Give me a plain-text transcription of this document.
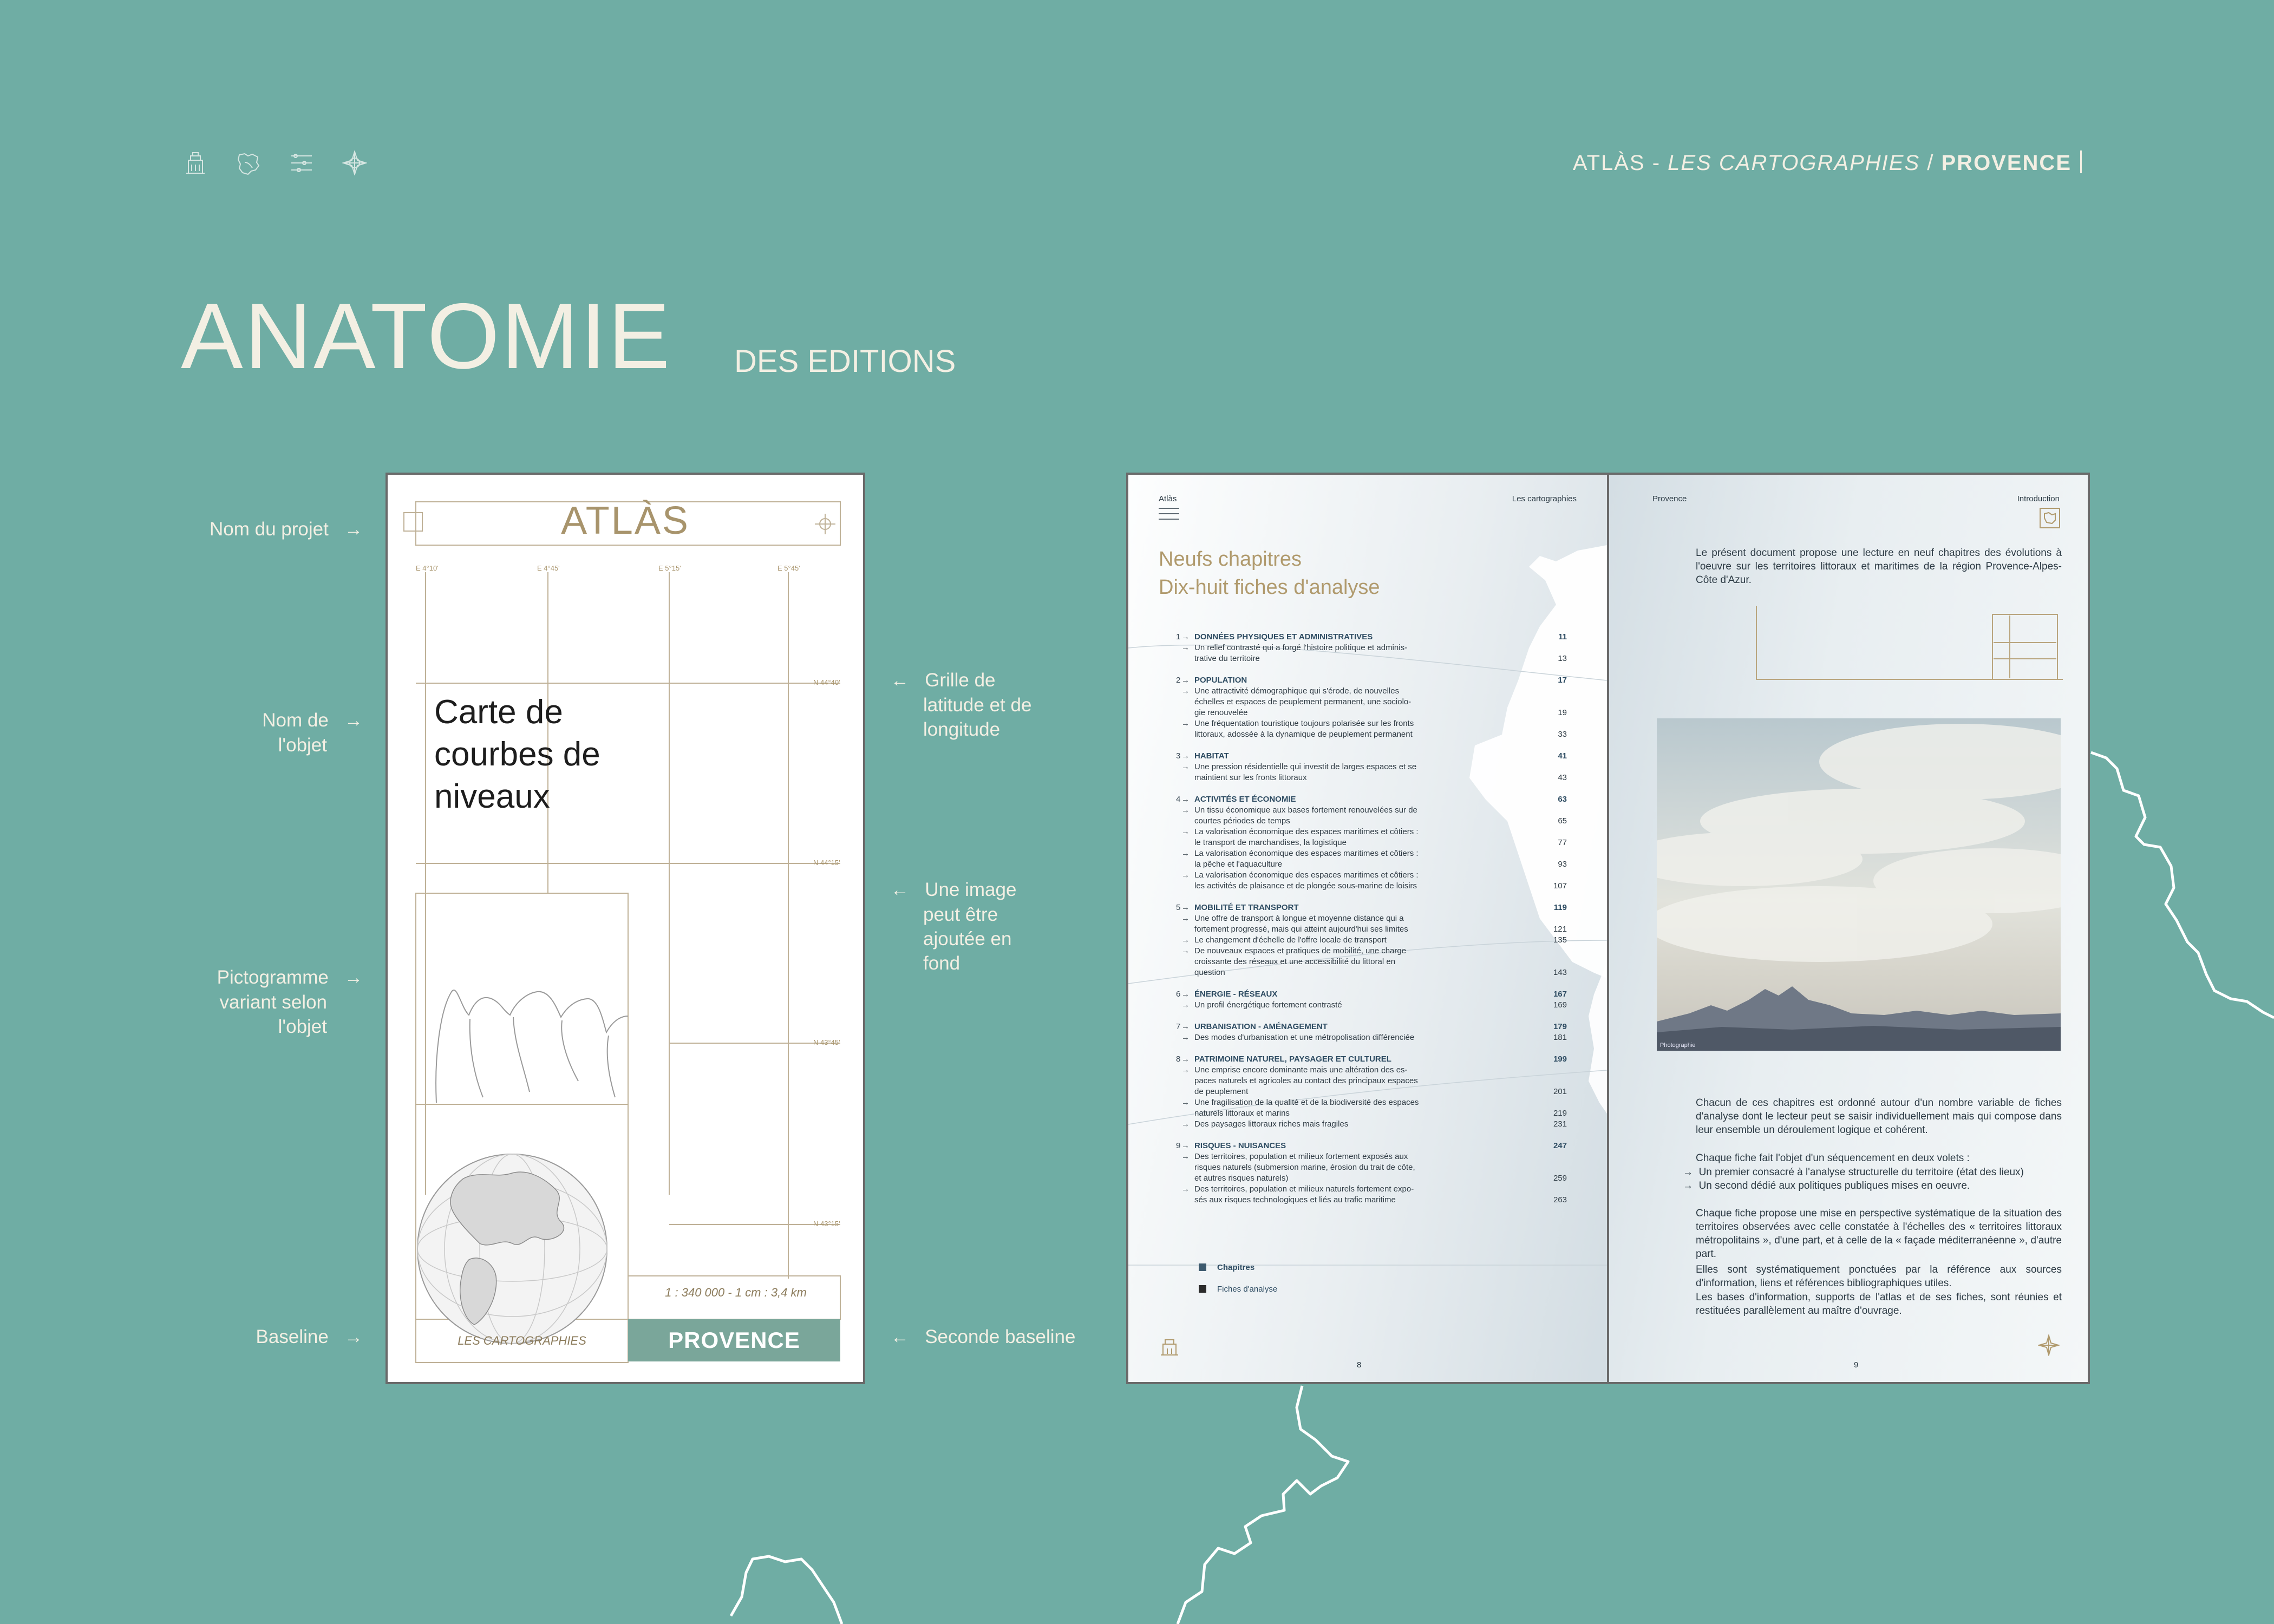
ATLÀS - LES CARTOGRAPHIES / PROVENCE
ANATOMIE DES EDITIONS
Nom du projet →
Nom de →
l'objet
Pictogramme →
variant selon
l'objet
Baseline →
← Grille de
latitude et de
longitude
← Une image
peut être
ajoutée en
fond
← Seconde baseline
ATLÀS
E 4°10'	E 4°45'	E 5°15'	E 5°45'
N 44°40'
N 44°15'
N 43°45'
N 43°15'
Carte de courbes de niveaux
1 : 340 000 - 1 cm : 3,4 km
LES CARTOGRAPHIES	PROVENCE
Atlàs	Les cartographies
Neufs chapitres
Dix-huit fiches d'analyse
1 → DONNÉES PHYSIQUES ET ADMINISTRATIVES	11
→ Un relief contrasté qui a forgé l'histoire politique et adminis-
trative du territoire	13
2 → POPULATION	17
→ Une attractivité démographique qui s'érode, de nouvelles
échelles et espaces de peuplement permanent, une sociolo-
gie renouvelée	19
→ Une fréquentation touristique toujours polarisée sur les fronts
littoraux, adossée à la dynamique de peuplement permanent	33
3 → HABITAT	41
→ Une pression résidentielle qui investit de larges espaces et se
maintient sur les fronts littoraux	43
4 → ACTIVITÉS ET ÉCONOMIE	63
→ Un tissu économique aux bases fortement renouvelées sur de
courtes périodes de temps	65
→ La valorisation économique des espaces maritimes et côtiers :
le transport de marchandises, la logistique	77
→ La valorisation économique des espaces maritimes et côtiers :
la pêche et l'aquaculture	93
→ La valorisation économique des espaces maritimes et côtiers :
les activités de plaisance et de plongée sous-marine de loisirs	107
5 → MOBILITÉ ET TRANSPORT	119
→ Une offre de transport à longue et moyenne distance qui a
fortement progressé, mais qui atteint aujourd'hui ses limites	121
→ Le changement d'échelle de l'offre locale de transport	135
→ De nouveaux espaces et pratiques de mobilité, une charge
croissante des réseaux et une accessibilité du littoral en
question	143
6 → ÉNERGIE - RÉSEAUX	167
→ Un profil énergétique fortement contrasté	169
7 → URBANISATION - AMÉNAGEMENT	179
→ Des modes d'urbanisation et une métropolisation différenciée	181
8 → PATRIMOINE NATUREL, PAYSAGER ET CULTUREL	199
→ Une emprise encore dominante mais une altération des es-
paces naturels et agricoles au contact des principaux espaces
de peuplement	201
→ Une fragilisation de la qualité et de la biodiversité des espaces
naturels littoraux et marins	219
→ Des paysages littoraux riches mais fragiles	231
9 → RISQUES - NUISANCES	247
→ Des territoires, population et milieux fortement exposés aux
risques naturels (submersion marine, érosion du trait de côte,
et autres risques naturels)	259
→ Des territoires, population et milieux naturels fortement expo-
sés aux risques technologiques et liés au trafic maritime	263
Chapitres
Fiches d'analyse
8
Provence	Introduction
Le présent document propose une lecture en neuf chapitres des évolutions à l'oeuvre sur les territoires littoraux et maritimes de la région Provence-Alpes-Côte d'Azur.
Photographie
Chacun de ces chapitres est ordonné autour d'un nombre variable de fiches d'analyse dont le lecteur peut se saisir individuellement mais qui compose dans leur ensemble un déroulement logique et cohérent.
Chaque fiche fait l'objet d'un séquencement en deux volets :
→  Un premier consacré à l'analyse structurelle du territoire (état des lieux)
→  Un second dédié aux politiques publiques mises en oeuvre.
Chaque fiche propose une mise en perspective systématique de la situation des territoires observées avec celle constatée à l'échelles des « territoires littoraux métropolitains », d'une part, et à celle de la « façade méditerranéenne », d'autre part.
Elles sont systématiquement ponctuées par la référence aux sources d'information, liens et références bibliographiques utiles.
Les bases d'information, supports de l'atlas et de ses fiches, sont réunies et restituées parallèlement au maître d'ouvrage.
9
